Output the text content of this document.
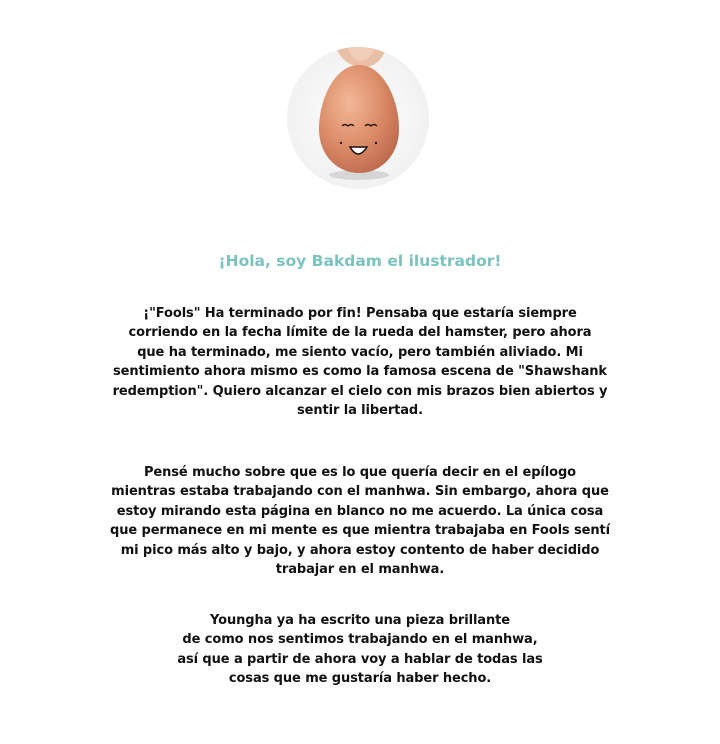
¡Hola, soy Bakdam el ilustrador!
¡"Fools" Ha terminado por fin! Pensaba que estaría siempre
corriendo en la fecha límite de la rueda del hamster, pero ahora
que ha terminado, me siento vacío, pero también aliviado. Mi
sentimiento ahora mismo es como la famosa escena de "Shawshank
redemption". Quiero alcanzar el cielo con mis brazos bien abiertos y
sentir la libertad.
Pensé mucho sobre que es lo que quería decir en el epílogo
mientras estaba trabajando con el manhwa. Sin embargo, ahora que
estoy mirando esta página en blanco no me acuerdo. La única cosa
que permanece en mi mente es que mientra trabajaba en Fools sentí
mi pico más alto y bajo, y ahora estoy contento de haber decidido
trabajar en el manhwa.
Youngha ya ha escrito una pieza brillante
de como nos sentimos trabajando en el manhwa,
así que a partir de ahora voy a hablar de todas las
cosas que me gustaría haber hecho.
